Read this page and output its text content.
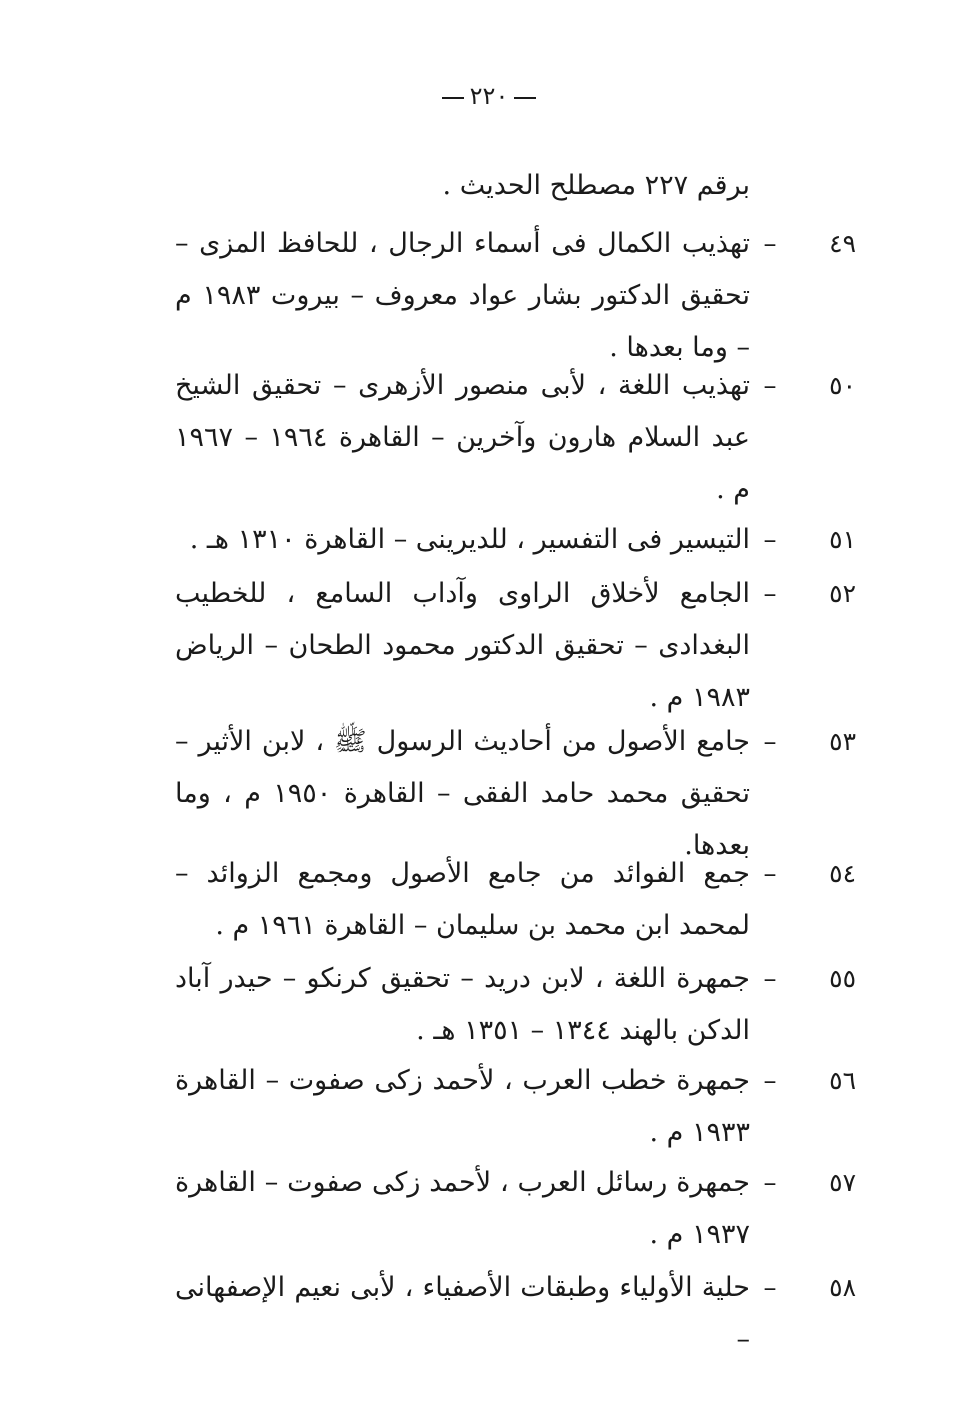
٢٢٠
برقم ٢٢٧ مصطلح الحديث .
٤٩
–
تهذيب الكمال فى أسماء الرجال ، للحافظ المزى – تحقيق الدكتور بشار عواد معروف – بيروت ١٩٨٣ م – وما بعدها .
٥٠
–
تهذيب اللغة ، لأبى منصور الأزهرى – تحقيق الشيخ عبد السلام هارون وآخرين – القاهرة ١٩٦٤ – ١٩٦٧ م .
٥١
–
التيسير فى التفسير ، للديرينى – القاهرة ١٣١٠ هـ .
٥٢
–
الجامع لأخلاق الراوى وآداب السامع ، للخطيب البغدادى – تحقيق الدكتور محمود الطحان – الرياض ١٩٨٣ م .
٥٣
–
جامع الأصول من أحاديث الرسول ﷺ ، لابن الأثير – تحقيق محمد حامد الفقى – القاهرة ١٩٥٠ م ، وما بعدها.
٥٤
–
جمع الفوائد من جامع الأصول ومجمع الزوائد – لمحمد ابن محمد بن سليمان – القاهرة ١٩٦١ م .
٥٥
–
جمهرة اللغة ، لابن دريد – تحقيق كرنكو – حيدر آباد الدكن بالهند ١٣٤٤ – ١٣٥١ هـ .
٥٦
–
جمهرة خطب العرب ، لأحمد زكى صفوت – القاهرة ١٩٣٣ م .
٥٧
–
جمهرة رسائل العرب ، لأحمد زكى صفوت – القاهرة ١٩٣٧ م .
٥٨
–
حلية الأولياء وطبقات الأصفياء ، لأبى نعيم الإصفهانى –
